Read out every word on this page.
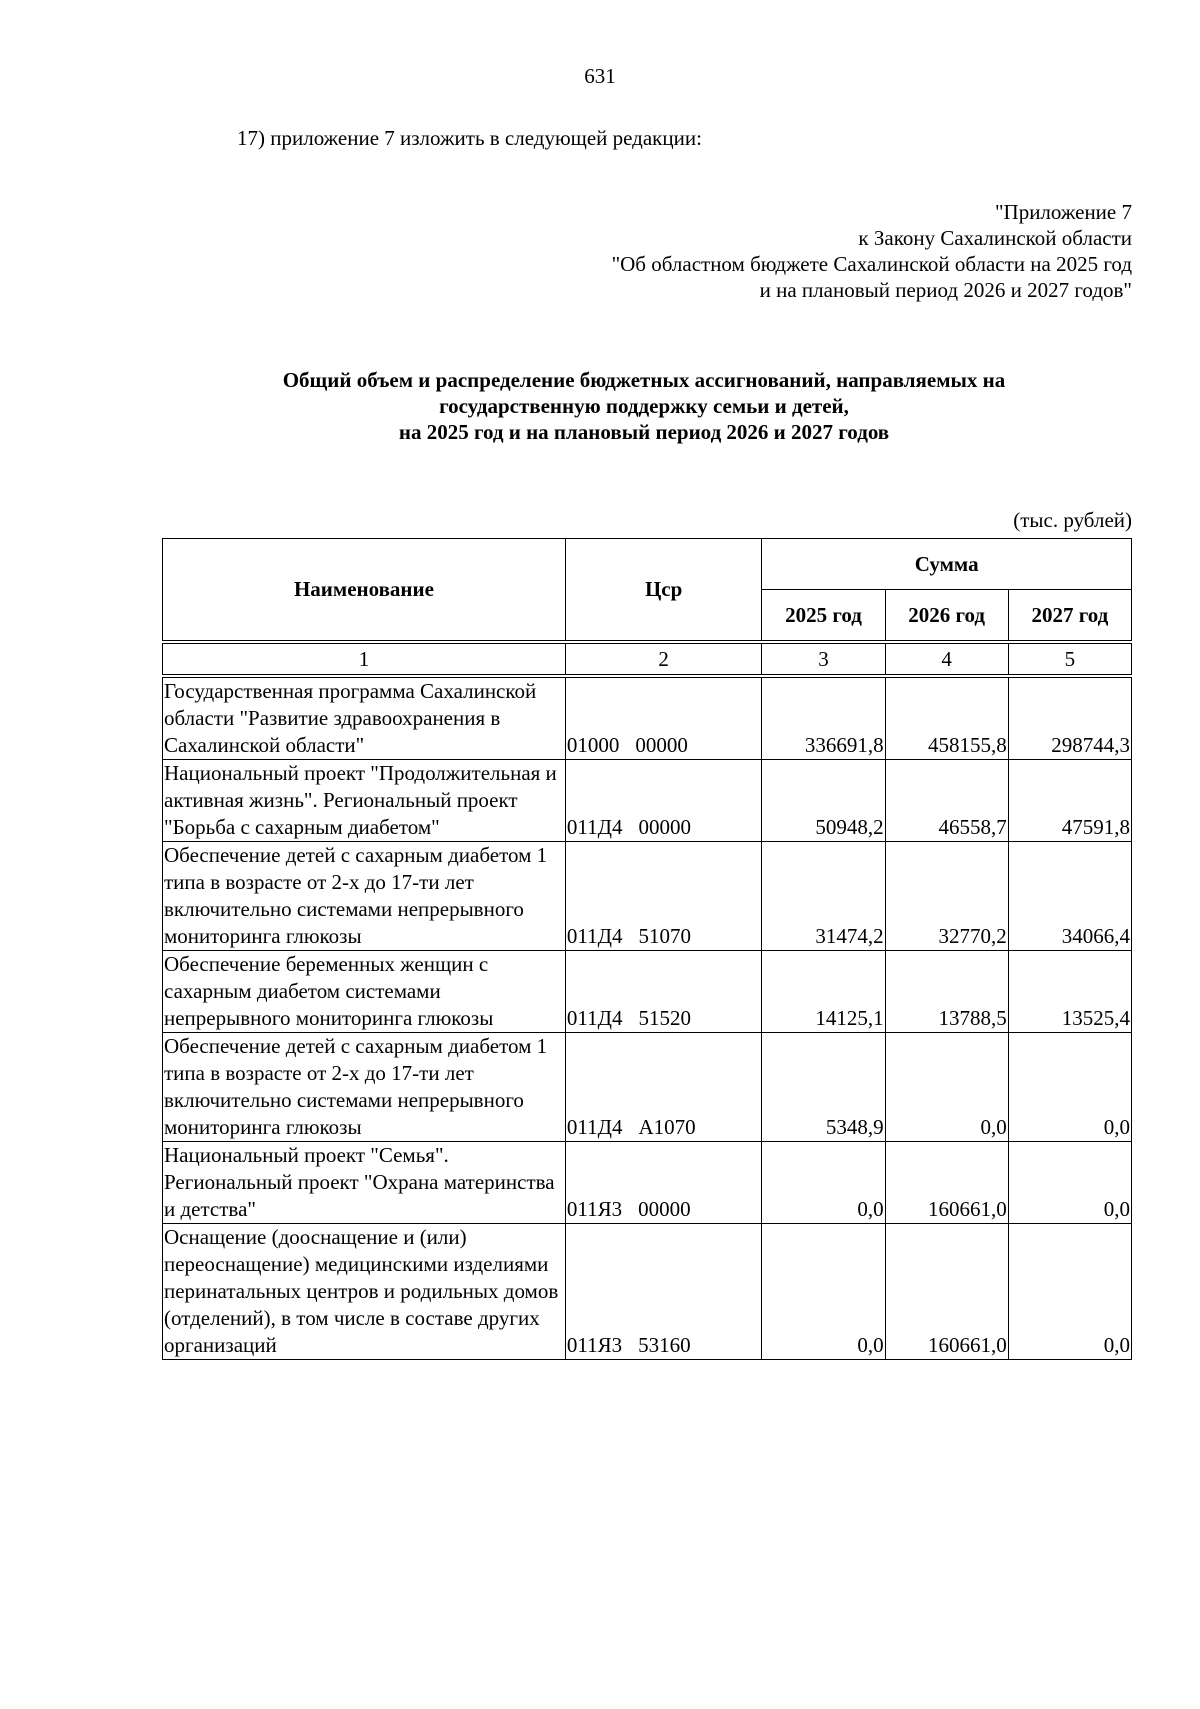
631
17) приложение 7 изложить в следующей редакции:
"Приложение 7
к Закону Сахалинской области
"Об областном бюджете Сахалинской области на 2025 год
и на плановый период 2026 и 2027 годов"
Общий объем и распределение бюджетных ассигнований, направляемых на
государственную поддержку семьи и детей,
на 2025 год и на плановый период 2026 и 2027 годов
(тыс. рублей)
Наименование	Цср	Сумма		
		2025 год	2026 год	2027 год
1	2	3	4	5
Государственная программа Сахалинской области "Развитие здравоохранения в Сахалинской области"	01000 00000	336691,8	458155,8	298744,3
Национальный проект "Продолжительная и активная жизнь". Региональный проект "Борьба с сахарным диабетом"	011Д4 00000	50948,2	46558,7	47591,8
Обеспечение детей с сахарным диабетом 1 типа в возрасте от 2-х до 17-ти лет включительно системами непрерывного мониторинга глюкозы	011Д4 51070	31474,2	32770,2	34066,4
Обеспечение беременных женщин с сахарным диабетом системами непрерывного мониторинга глюкозы	011Д4 51520	14125,1	13788,5	13525,4
Обеспечение детей с сахарным диабетом 1 типа в возрасте от 2-х до 17-ти лет включительно системами непрерывного мониторинга глюкозы	011Д4 А1070	5348,9	0,0	0,0
Национальный проект "Семья". Региональный проект "Охрана материнства и детства"	011Я3 00000	0,0	160661,0	0,0
Оснащение (дооснащение и (или) переоснащение) медицинскими изделиями перинатальных центров и родильных домов (отделений), в том числе в составе других организаций	011Я3 53160	0,0	160661,0	0,0
